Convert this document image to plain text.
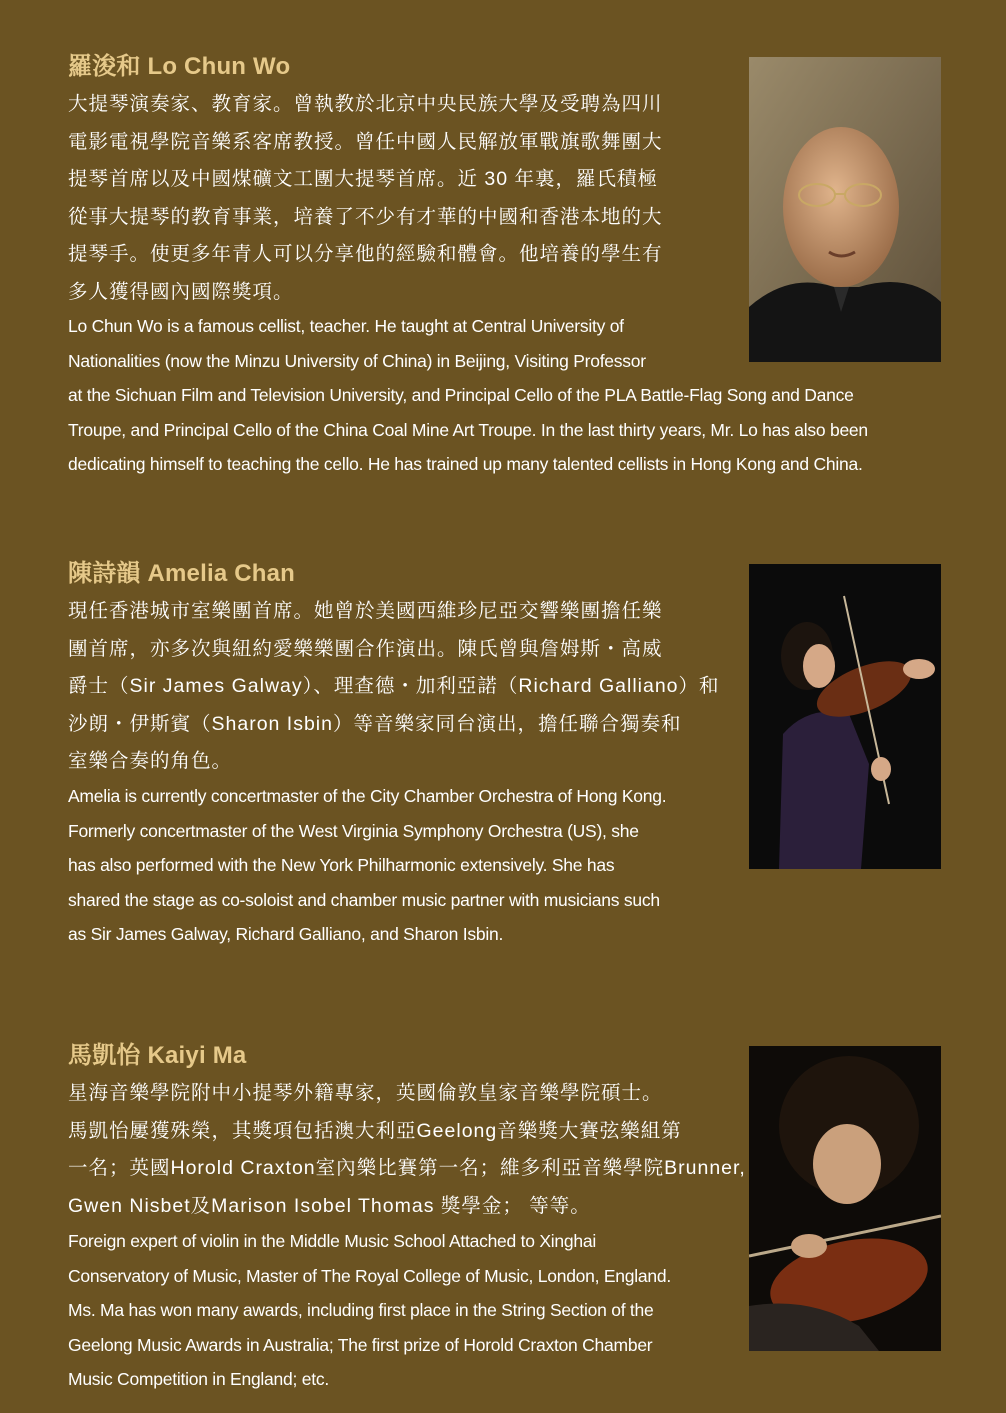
羅浚和 Lo Chun Wo

大提琴演奏家、教育家。曾執教於北京中央民族大學及受聘為四川

電影電視學院音樂系客席教授。曾任中國人民解放軍戰旗歌舞團大

提琴首席以及中國煤礦文工團大提琴首席。近 30 年裏，羅氏積極

從事大提琴的教育事業，培養了不少有才華的中國和香港本地的大

提琴手。使更多年青人可以分享他的經驗和體會。他培養的學生有

多人獲得國內國際獎項。

Lo Chun Wo is a famous cellist, teacher. He taught at Central University of

Nationalities (now the Minzu University of China) in Beijing, Visiting Professor

at the Sichuan Film and Television University, and Principal Cello of the PLA Battle-Flag Song and Dance

Troupe, and Principal Cello of the China Coal Mine Art Troupe. In the last thirty years, Mr. Lo has also been

dedicating himself to teaching the cello. He has trained up many talented cellists in Hong Kong and China.

陳詩韻 Amelia Chan

現任香港城市室樂團首席。她曾於美國西維珍尼亞交響樂團擔任樂

團首席，亦多次與紐約愛樂樂團合作演出。陳氏曾與詹姆斯・高威

爵士（Sir James Galway）、理查德・加利亞諾（Richard Galliano）和

沙朗・伊斯賓（Sharon Isbin）等音樂家同台演出，擔任聯合獨奏和

室樂合奏的角色。

Amelia is currently concertmaster of the City Chamber Orchestra of Hong Kong.

Formerly concertmaster of the West Virginia Symphony Orchestra (US), she

has also performed with the New York Philharmonic extensively. She has

shared the stage as co-soloist and chamber music partner with musicians such

as Sir James Galway, Richard Galliano, and Sharon Isbin.

馬凱怡 Kaiyi Ma

星海音樂學院附中小提琴外籍專家，英國倫敦皇家音樂學院碩士。

馬凱怡屢獲殊榮，其獎項包括澳大利亞Geelong音樂獎大賽弦樂組第

一名；英國Horold Craxton室內樂比賽第一名；維多利亞音樂學院Brunner,

Gwen Nisbet及Marison Isobel Thomas 獎學金； 等等。

Foreign expert of violin in the Middle Music School Attached to Xinghai

Conservatory of Music, Master of The Royal College of Music, London, England.

Ms. Ma has won many awards, including first place in the String Section of the

Geelong Music Awards in Australia; The first prize of Horold Craxton Chamber

Music Competition in England; etc.
